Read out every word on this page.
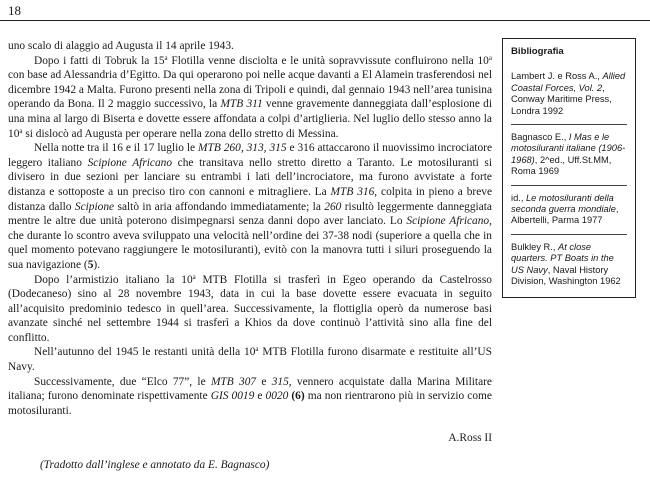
18

uno scalo di alaggio ad Augusta il 14 aprile 1943.

Dopo i fatti di Tobruk la 15$^a$ Flotilla venne disciolta e le unità sopravvissute confluirono nella 10$^a$ con base ad Alessandria d’Egitto. Da qui operarono poi nelle acque davanti a El Alamein trasferendosi nel dicembre 1942 a Malta. Furono presenti nella zona di Tripoli e quindi, dal gennaio 1943 nell’area tunisina operando da Bona. Il 2 maggio successivo, la MTB 311 venne gravemente danneggiata dall’esplosione di una mina al largo di Biserta e dovette essere affondata a colpi d’artiglieria. Nel luglio dello stesso anno la 10$^a$ si dislocò ad Augusta per operare nella zona dello stretto di Messina.

Nella notte tra il 16 e il 17 luglio le MTB 260, 313, 315 e 316 attaccarono il nuovissimo incrociatore leggero italiano Scipione Africano che transitava nello stretto diretto a Taranto. Le motosiluranti si divisero in due sezioni per lanciare su entrambi i lati dell’incrociatore, ma furono avvistate a forte distanza e sottoposte a un preciso tiro con cannoni e mitragliere. La MTB 316, colpita in pieno a breve distanza dallo Scipione saltò in aria affondando immediatamente; la 260 risultò leggermente danneggiata mentre le altre due unità poterono disimpegnarsi senza danni dopo aver lanciato. Lo Scipione Africano, che durante lo scontro aveva sviluppato una velocità nell’ordine dei 37-38 nodi (superiore a quella che in quel momento potevano raggiungere le motosiluranti), evitò con la manovra tutti i siluri proseguendo la sua navigazione (5).

Dopo l’armistizio italiano la 10$^a$ MTB Flotilla si trasferì in Egeo operando da Castelrosso (Dodecaneso) sino al 28 novembre 1943, data in cui la base dovette essere evacuata in seguito all’acquisito predominio tedesco in quell’area. Successivamente, la flottiglia operò da numerose basi avanzate sinché nel settembre 1944 si trasferì a Khios da dove continuò l’attività sino alla fine del conflitto.

Nell’autunno del 1945 le restanti unità della 10$^a$ MTB Flotilla furono disarmate e restituite all’US Navy.

Successivamente, due “Elco 77”, le MTB 307 e 315, vennero acquistate dalla Marina Militare italiana; furono denominate rispettivamente GIS 0019 e 0020 (6) ma non rientrarono più in servizio come motosiluranti.

A.Ross II
(Tradotto dall’inglese e annotato da E. Bagnasco)
Bibliografia
Lambert J. e Ross A., Allied Coastal Forces, Vol. 2, Conway Maritime Press, Londra 1992
Bagnasco E., I Mas e le motosiluranti italiane (1906-1968), 2^ed., Uff.St.MM, Roma 1969
id., Le motosiluranti della seconda guerra mondiale, Albertelli, Parma 1977
Bulkley R., At close quarters. PT Boats in the US Navy, Naval History Division, Washington 1962
